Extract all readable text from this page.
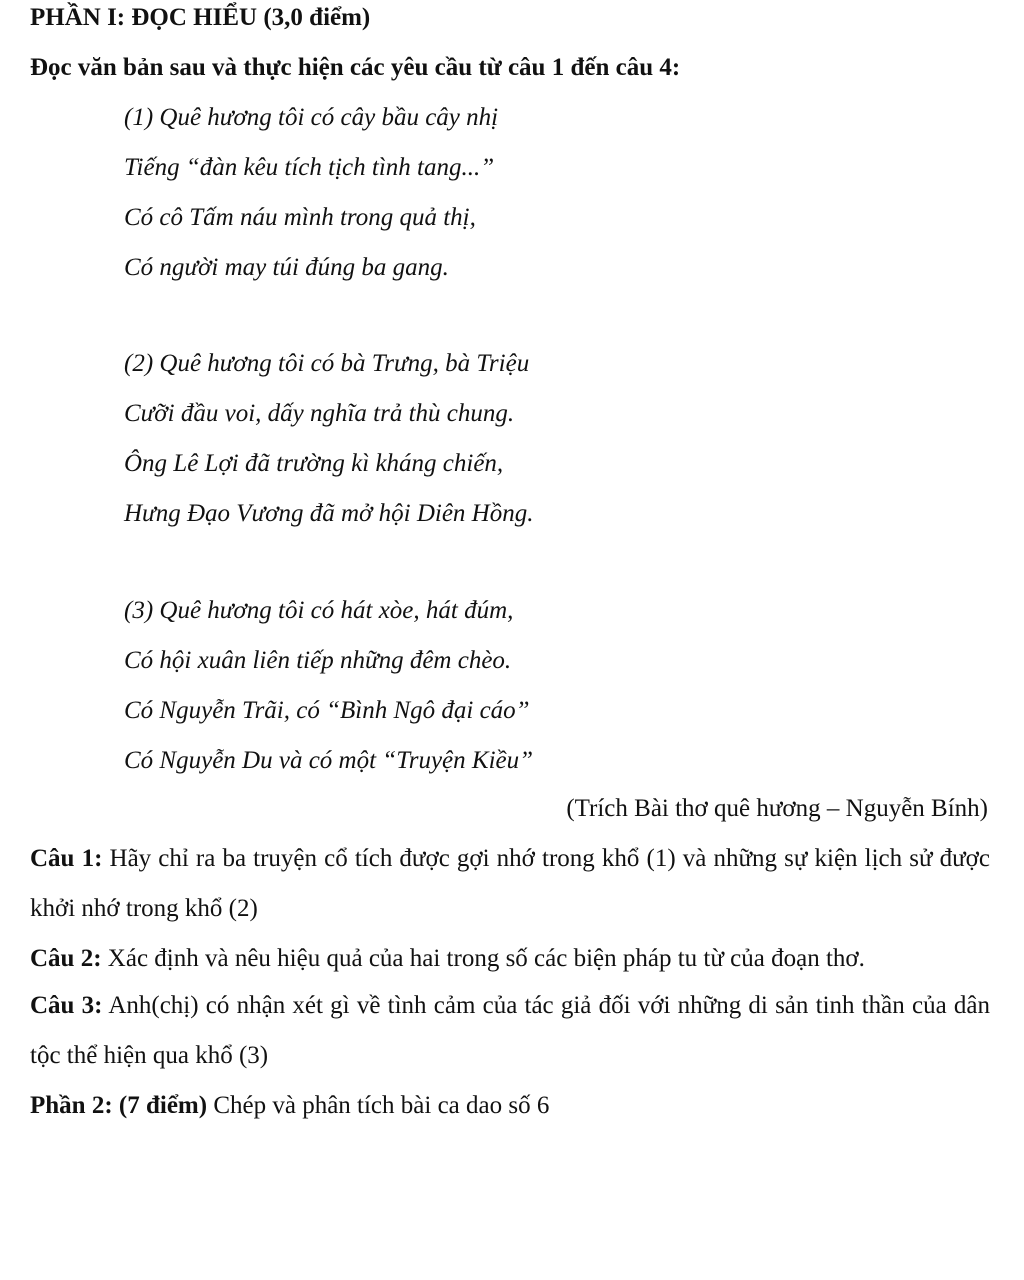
PHẦN I: ĐỌC HIỂU (3,0 điểm)
Đọc văn bản sau và thực hiện các yêu cầu từ câu 1 đến câu 4:
(1) Quê hương tôi có cây bầu cây nhị
Tiếng “đàn kêu tích tịch tình tang...”
Có cô Tấm náu mình trong quả thị,
Có người may túi đúng ba gang.
(2) Quê hương tôi có bà Trưng, bà Triệu
Cưỡi đầu voi, dấy nghĩa trả thù chung.
Ông Lê Lợi đã trường kì kháng chiến,
Hưng Đạo Vương đã mở hội Diên Hồng.
(3) Quê hương tôi có hát xòe, hát đúm,
Có hội xuân liên tiếp những đêm chèo.
Có Nguyễn Trãi, có “Bình Ngô đại cáo”
Có Nguyễn Du và có một “Truyện Kiều”
(Trích Bài thơ quê hương – Nguyễn Bính)
Câu 1: Hãy chỉ ra ba truyện cổ tích được gợi nhớ trong khổ (1) và những sự kiện lịch sử được khởi nhớ trong khổ (2)
Câu 2: Xác định và nêu hiệu quả của hai trong số các biện pháp tu từ của đoạn thơ.
Câu 3: Anh(chị) có nhận xét gì về tình cảm của tác giả đối với những di sản tinh thần của dân tộc thể hiện qua khổ (3)
Phần 2: (7 điểm) Chép và phân tích bài ca dao số 6
